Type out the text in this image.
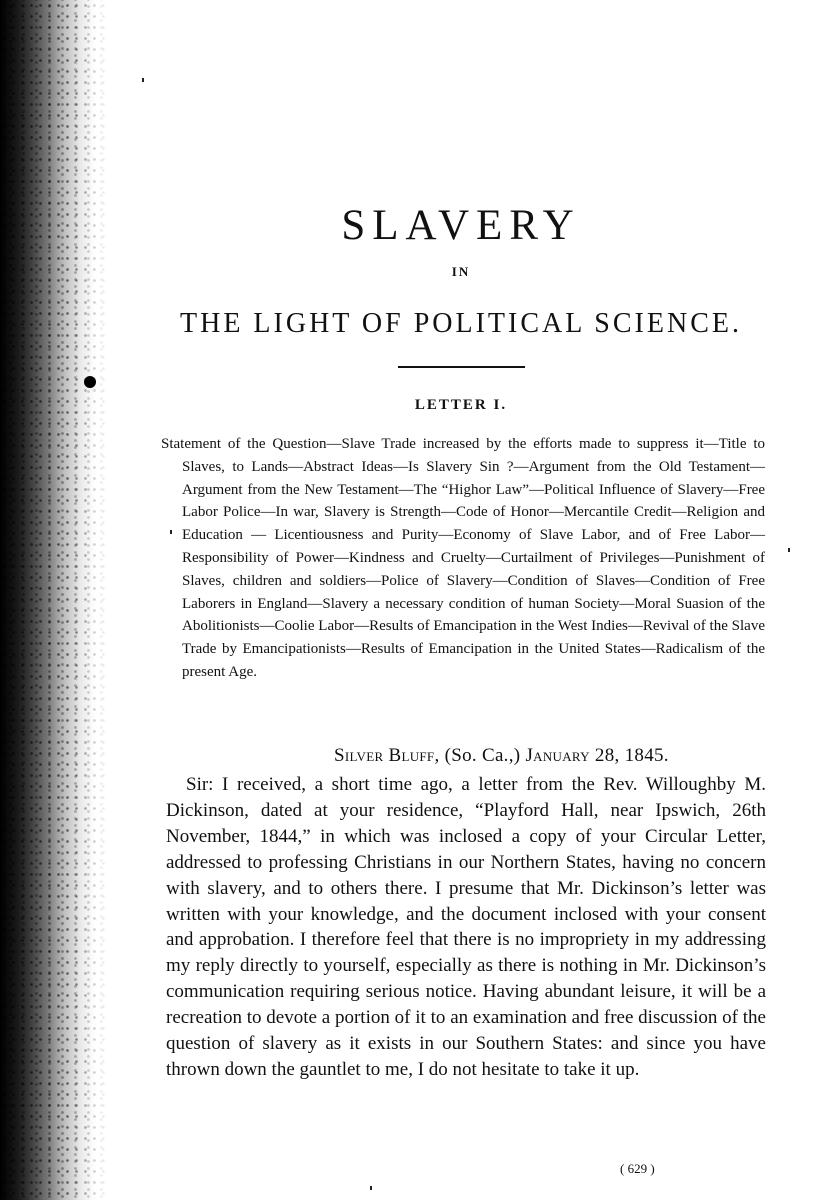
SLAVERY
IN
THE LIGHT OF POLITICAL SCIENCE.
LETTER I.
Statement of the Question—Slave Trade increased by the efforts made to suppress it—Title to Slaves, to Lands—Abstract Ideas—Is Slavery Sin ?—Argument from the Old Testament—Argument from the New Testament—The “Highor Law”—Political Influence of Slavery—Free Labor Police—In war, Slavery is Strength—Code of Honor—Mercantile Credit—Religion and Education — Licentiousness and Purity—Economy of Slave Labor, and of Free Labor—Responsibility of Power—Kindness and Cruelty—Curtailment of Privileges—Punishment of Slaves, children and soldiers—Police of Slavery—Condition of Slaves—Condition of Free Laborers in England—Slavery a necessary condition of human Society—Moral Suasion of the Abolitionists—Coolie Labor—Results of Emancipation in the West Indies—Revival of the Slave Trade by Emancipationists—Results of Emancipation in the United States—Radicalism of the present Age.
Silver Bluff, (So. Ca.,) January 28, 1845.

Sir: I received, a short time ago, a letter from the Rev. Willoughby M. Dickinson, dated at your residence, “Playford Hall, near Ipswich, 26th November, 1844,” in which was inclosed a copy of your Circular Letter, addressed to professing Christians in our Northern States, having no concern with slavery, and to others there. I presume that Mr. Dickinson’s letter was written with your knowledge, and the document inclosed with your consent and approbation. I therefore feel that there is no impropriety in my addressing my reply directly to yourself, especially as there is nothing in Mr. Dickinson’s communication requiring serious notice. Having abundant leisure, it will be a recreation to devote a portion of it to an examination and free discussion of the question of slavery as it exists in our Southern States: and since you have thrown down the gauntlet to me, I do not hesitate to take it up.

( 629 )
